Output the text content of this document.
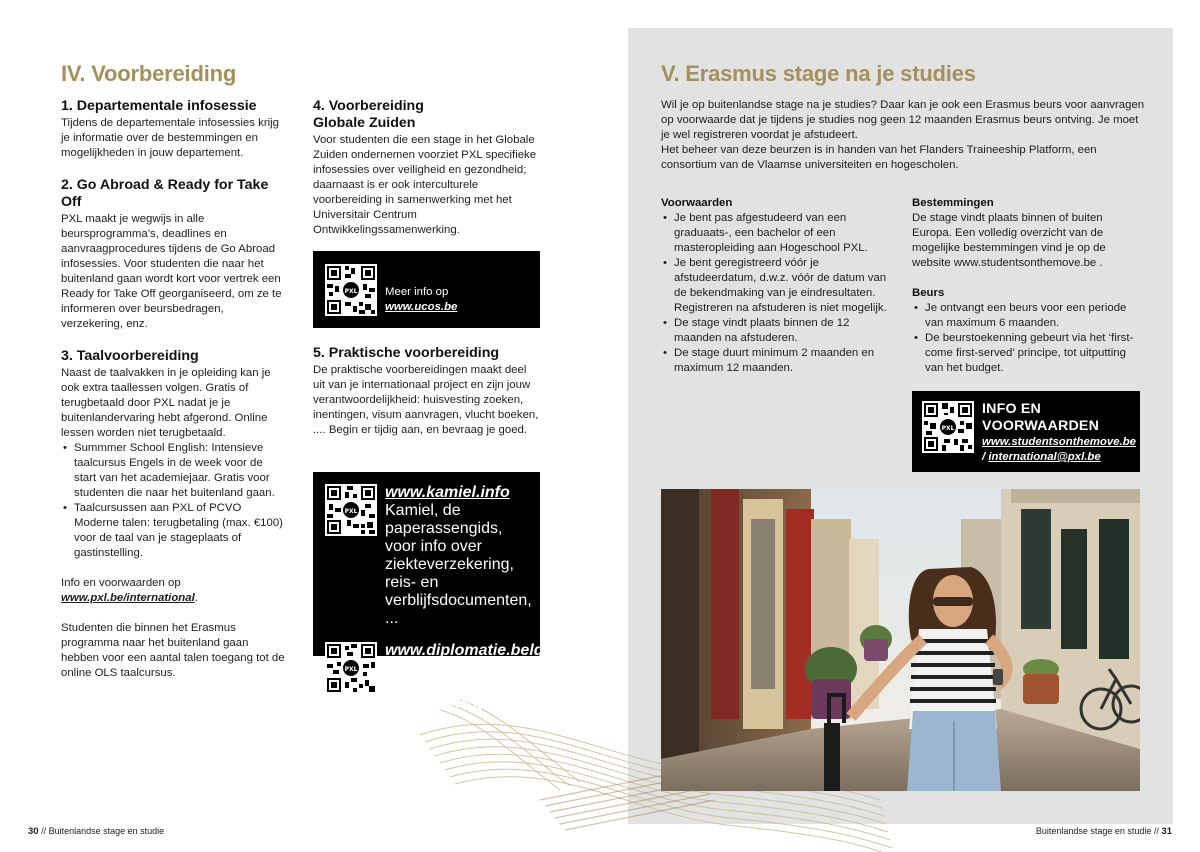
IV. Voorbereiding
1. Departementale infosessie

Tijdens de departementale infosessies krijg je informatie over de bestemmingen en mogelijkheden in jouw departement.

2. Go Abroad & Ready for Take Off

PXL maakt je wegwijs in alle beursprogramma’s, deadlines en aanvraagprocedures tijdens de Go Abroad infosessies. Voor studenten die naar het buitenland gaan wordt kort voor vertrek een Ready for Take Off georganiseerd, om ze te informeren over beursbedragen, verzekering, enz.

3. Taalvoorbereiding

Naast de taalvakken in je opleiding kan je ook extra taallessen volgen. Gratis of terugbetaald door PXL nadat je je buitenlandervaring hebt afgerond. Online lessen worden niet terugbetaald.

• Summmer School English: Intensieve taalcursus Engels in de week voor de start van het academiejaar. Gratis voor studenten die naar het buitenland gaan.
• Taalcursussen aan PXL of PCVO Moderne talen: terugbetaling (max. €100) voor de taal van je stageplaats of gastinstelling.

Info en voorwaarden op
www.pxl.be/international.

Studenten die binnen het Erasmus programma naar het buitenland gaan hebben voor een aantal talen toegang tot de online OLS taalcursus.

4. Voorbereiding
Globale Zuiden

Voor studenten die een stage in het Globale Zuiden ondernemen voorziet PXL specifieke infosessies over veiligheid en gezondheid; daarnaast is er ook interculturele voorbereiding in samenwerking met het Universitair Centrum Ontwikkelingssamenwerking.

PXL Meer info op
www.ucos.be
5. Praktische voorbereiding

De praktische voorbereidingen maakt deel uit van je internationaal project en zijn jouw verantwoordelijkheid: huisvesting zoeken, inentingen, visum aanvragen, vlucht boeken, .... Begin er tijdig aan, en bevraag je goed.

PXL
www.kamiel.info
Kamiel, de paperassengids, voor info over ziekteverzekering, reis- en verblijfsdocumenten, ...
PXL
www.diplomatie.belgium.be
Ministerie buitenlandse zaken voor reisadvies, reisdocumenten
V. Erasmus stage na je studies

Wil je op buitenlandse stage na je studies? Daar kan je ook een Erasmus beurs voor aanvragen op voorwaarde dat je tijdens je studies nog geen 12 maanden Erasmus beurs ontving. Je moet je wel registreren voordat je afstudeert.

Het beheer van deze beurzen is in handen van het Flanders Traineeship Platform, een consortium van de Vlaamse universiteiten en hogescholen.

Voorwaarden
• Je bent pas afgestudeerd van een graduaats-, een bachelor of een masteropleiding aan Hogeschool PXL.
• Je bent geregistreerd vóór je afstudeerdatum, d.w.z. vóór de datum van de bekendmaking van je eindresultaten. Registreren na afstuderen is niet mogelijk.
• De stage vindt plaats binnen de 12 maanden na afstuderen.
• De stage duurt minimum 2 maanden en maximum 12 maanden.
Bestemmingen

De stage vindt plaats binnen of buiten Europa. Een volledig overzicht van de mogelijke bestemmingen vind je op de website www.studentsonthemove.be .

Beurs
• Je ontvangt een beurs voor een periode van maximum 6 maanden.
• De beurstoekenning gebeurt via het ‘first-come first-served’ principe, tot uitputting van het budget.
PXL
INFO EN
VOORWAARDEN
www.studentsonthemove.be / international@pxl.be
30 // Buitenlandse stage en studie	Buitenlandse stage en studie // 31
